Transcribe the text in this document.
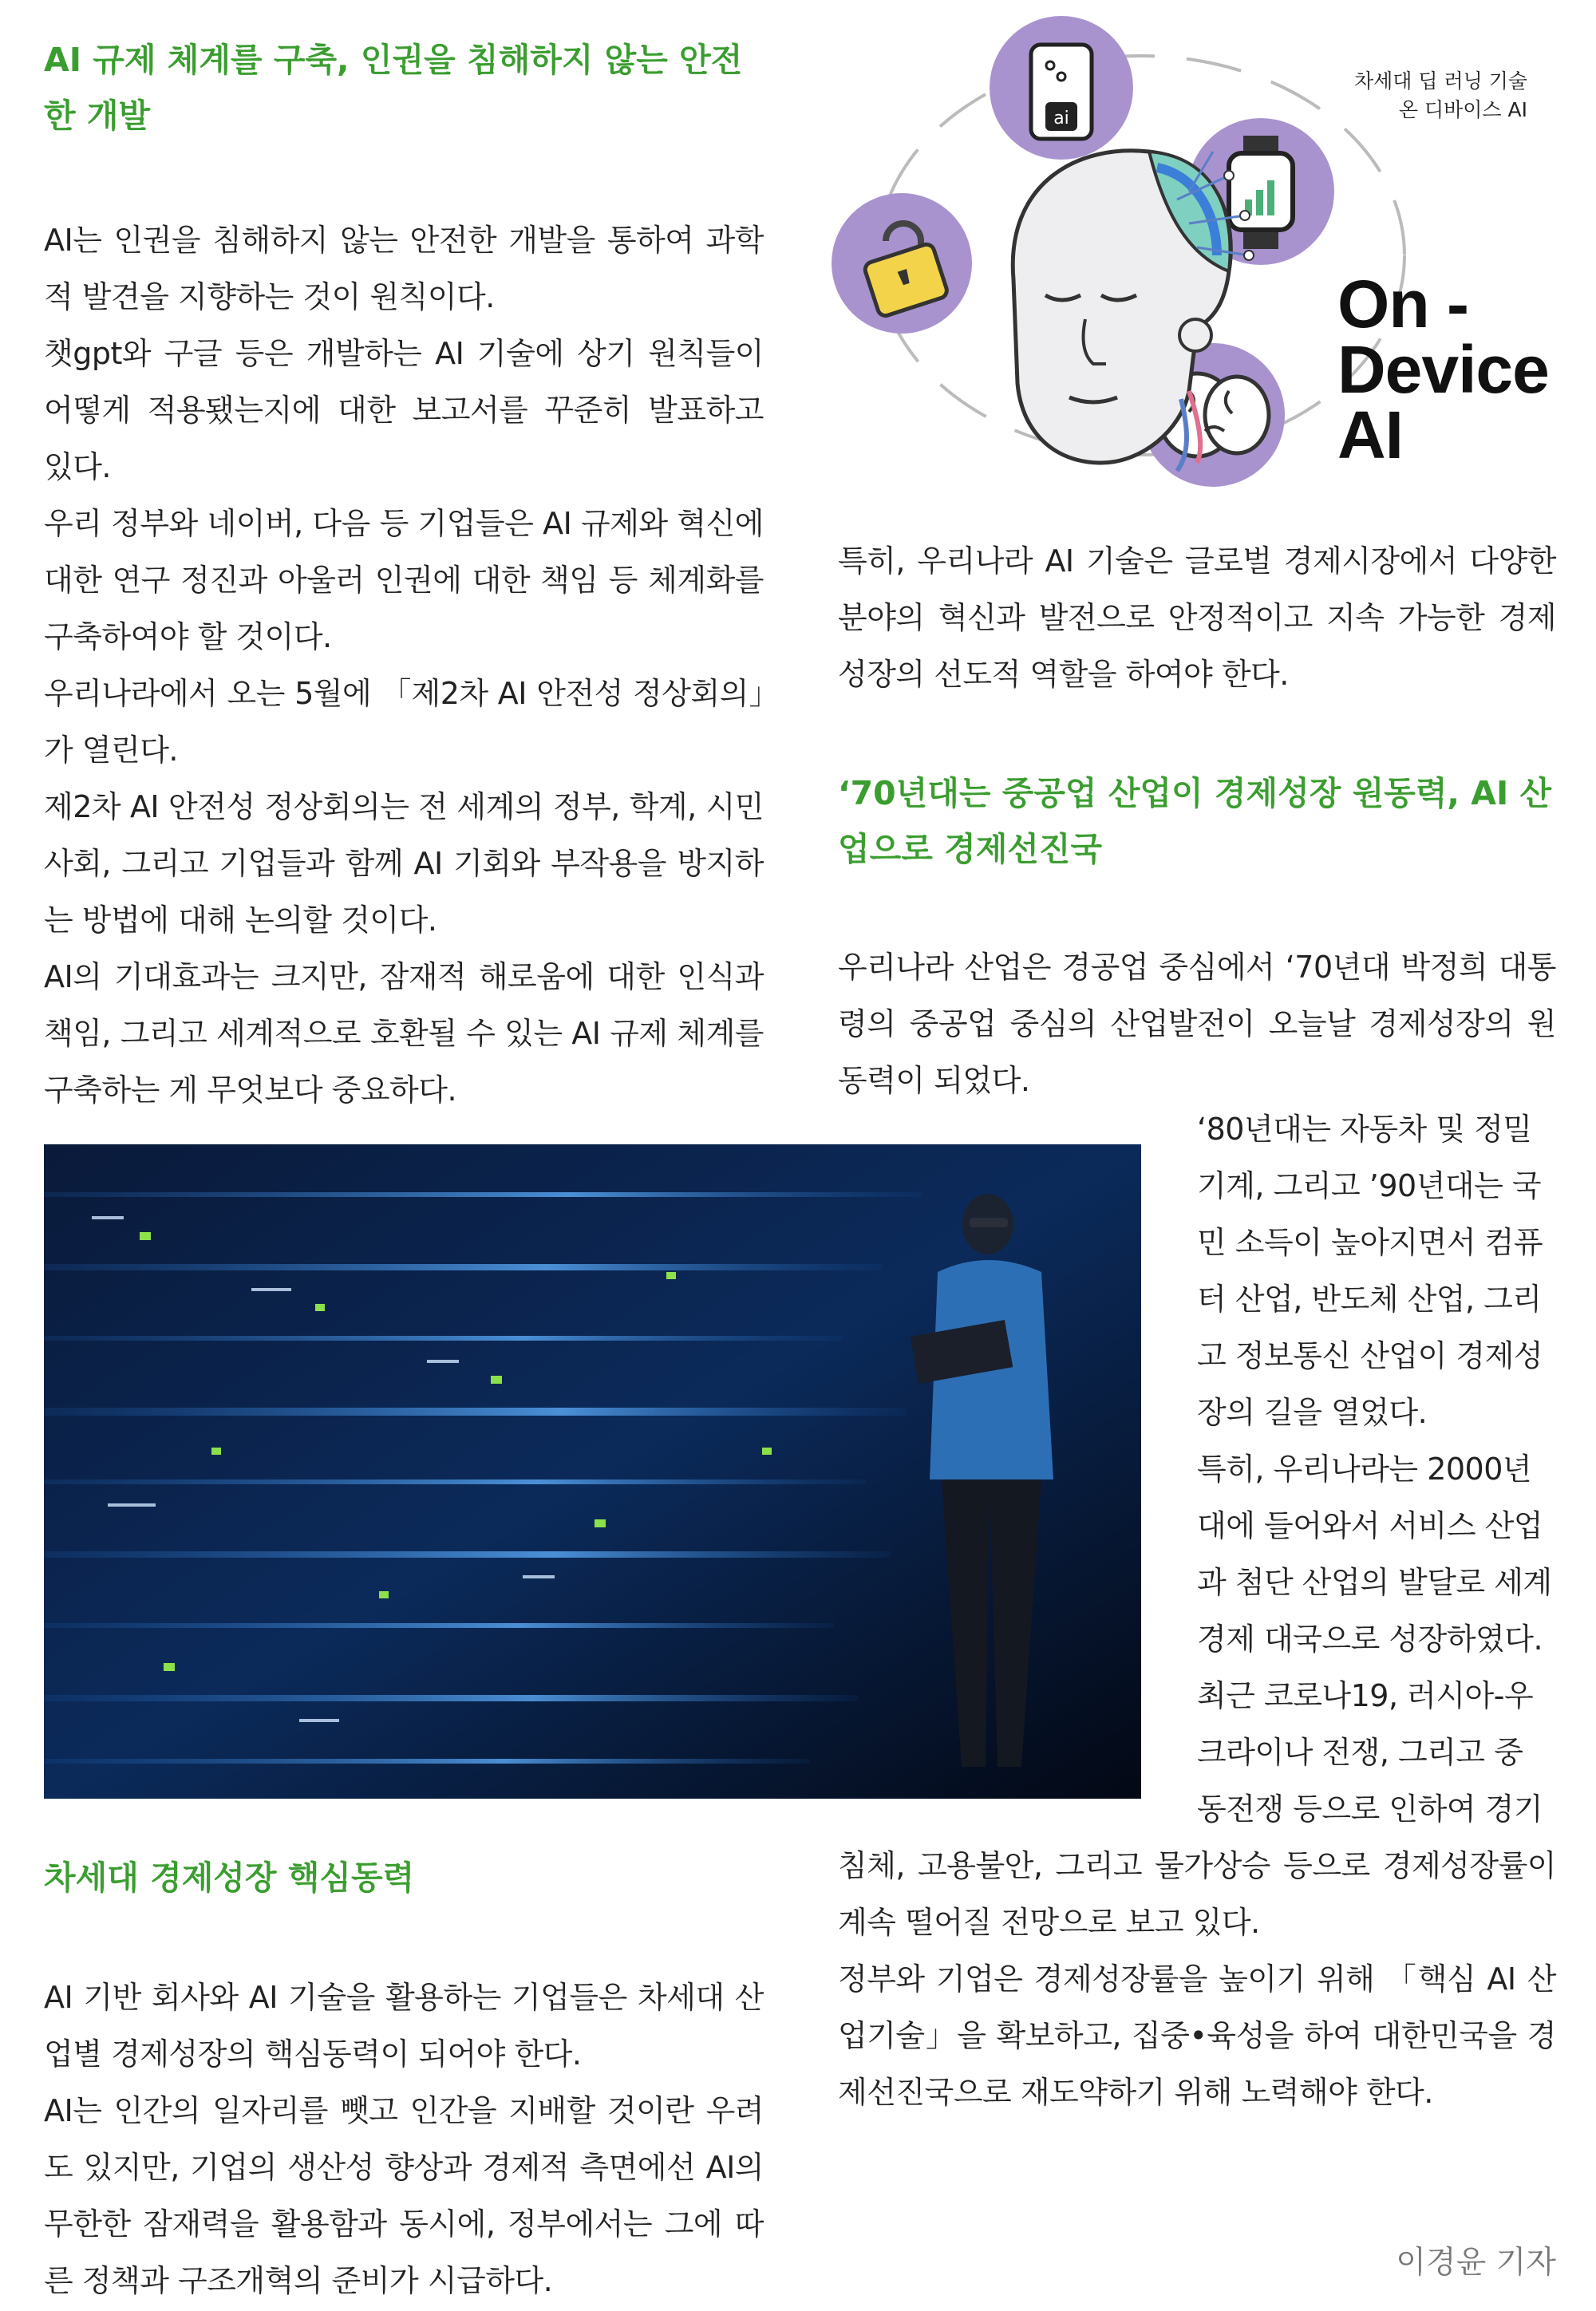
AI 규제 체계를 구축, 인권을 침해하지 않는 안전
한 개발

AI는 인권을 침해하지 않는 안전한 개발을 통하여 과학적 발견을 지향하는 것이 원칙이다.

챗gpt와 구글 등은 개발하는 AI 기술에 상기 원칙들이 어떻게 적용됐는지에 대한 보고서를 꾸준히 발표하고 있다.

우리 정부와 네이버, 다음 등 기업들은 AI 규제와 혁신에 대한 연구 정진과 아울러 인권에 대한 책임 등 체계화를 구축하여야 할 것이다.

우리나라에서 오는 5월에 「제2차 AI 안전성 정상회의」가 열린다.

제2차 AI 안전성 정상회의는 전 세계의 정부, 학계, 시민사회, 그리고 기업들과 함께 AI 기회와 부작용을 방지하는 방법에 대해 논의할 것이다.

AI의 기대효과는 크지만, 잠재적 해로움에 대한 인식과 책임, 그리고 세계적으로 호환될 수 있는 AI 규제 체계를 구축하는 게 무엇보다 중요하다.

ai
차세대 딥 러닝 기술
온 디바이스 AI
On -
Device
AI

특히, 우리나라 AI 기술은 글로벌 경제시장에서 다양한 분야의 혁신과 발전으로 안정적이고 지속 가능한 경제성장의 선도적 역할을 하여야 한다.

‘70년대는 중공업 산업이 경제성장 원동력, AI 산
업으로 경제선진국

우리나라 산업은 경공업 중심에서 ‘70년대 박정희 대통령의 중공업 중심의 산업발전이 오늘날 경제성장의 원동력이 되었다.

‘80년대는 자동차 및 정밀

기계, 그리고 ’90년대는 국

민 소득이 높아지면서 컴퓨

터 산업, 반도체 산업, 그리

고 정보통신 산업이 경제성

장의 길을 열었다.

특히, 우리나라는 2000년

대에 들어와서 서비스 산업

과 첨단 산업의 발달로 세계

경제 대국으로 성장하였다.

최근 코로나19, 러시아-우

크라이나 전쟁, 그리고 중

동전쟁 등으로 인하여 경기

침체, 고용불안, 그리고 물가상승 등으로 경제성장률이 계속 떨어질 전망으로 보고 있다.

정부와 기업은 경제성장률을 높이기 위해 「핵심 AI 산업기술」을 확보하고, 집중•육성을 하여 대한민국을 경제선진국으로 재도약하기 위해 노력해야 한다.

차세대 경제성장 핵심동력

AI 기반 회사와 AI 기술을 활용하는 기업들은 차세대 산업별 경제성장의 핵심동력이 되어야 한다.

AI는 인간의 일자리를 뺏고 인간을 지배할 것이란 우려도 있지만, 기업의 생산성 향상과 경제적 측면에선 AI의 무한한 잠재력을 활용함과 동시에, 정부에서는 그에 따른 정책과 구조개혁의 준비가 시급하다.	이경윤 기자
